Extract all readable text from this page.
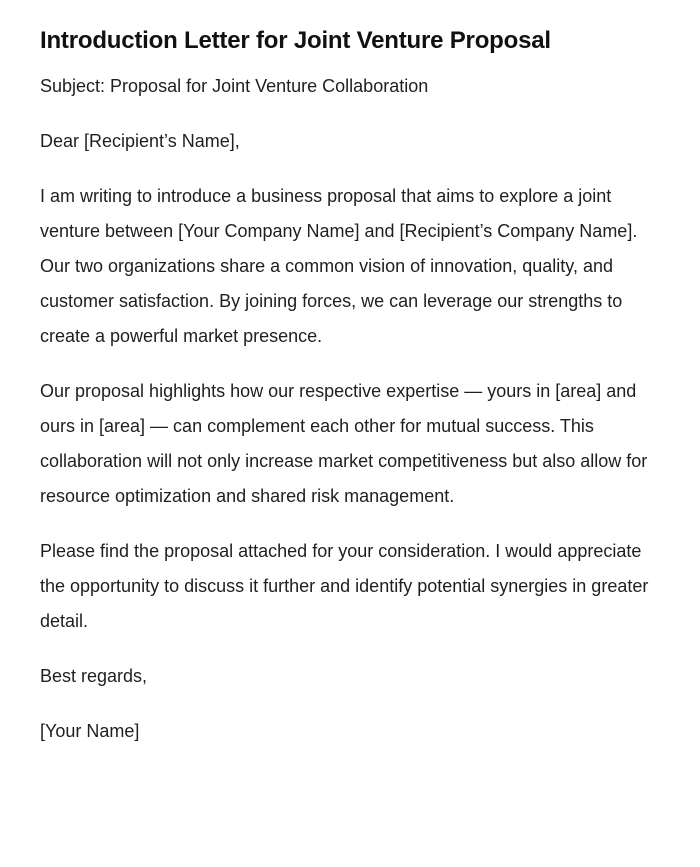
Introduction Letter for Joint Venture Proposal

Subject: Proposal for Joint Venture Collaboration

Dear [Recipient’s Name],

I am writing to introduce a business proposal that aims to explore a joint venture between [Your Company Name] and [Recipient’s Company Name]. Our two organizations share a common vision of innovation, quality, and customer satisfaction. By joining forces, we can leverage our strengths to create a powerful market presence.

Our proposal highlights how our respective expertise — yours in [area] and ours in [area] — can complement each other for mutual success. This collaboration will not only increase market competitiveness but also allow for resource optimization and shared risk management.

Please find the proposal attached for your consideration. I would appreciate the opportunity to discuss it further and identify potential synergies in greater detail.

Best regards,

[Your Name]
